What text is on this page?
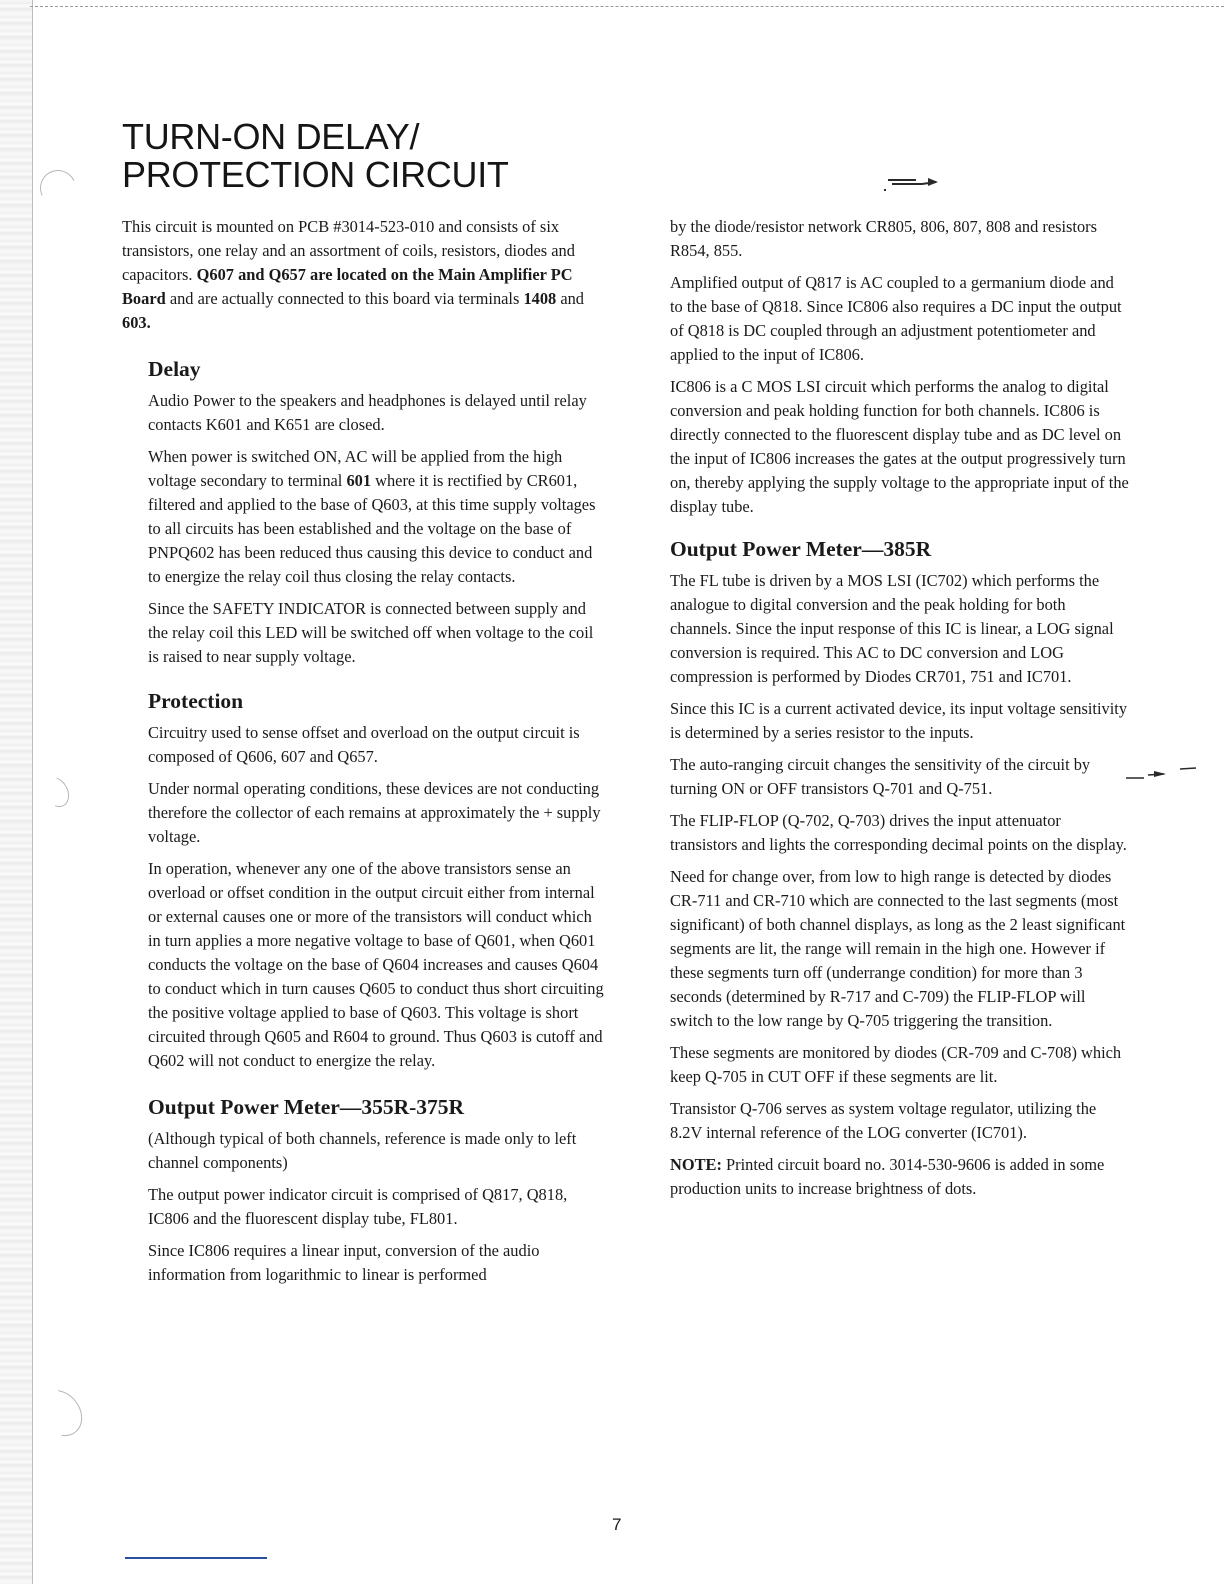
TURN-ON DELAY/
PROTECTION CIRCUIT

This circuit is mounted on PCB #3014-523-010 and consists of six transistors, one relay and an assortment of coils, resistors, diodes and capacitors. Q607 and Q657 are located on the Main Amplifier PC Board and are actually connected to this board via terminals 1408 and 603.

Delay

Audio Power to the speakers and headphones is delayed until relay contacts K601 and K651 are closed.

When power is switched ON, AC will be applied from the high voltage secondary to terminal 601 where it is rectified by CR601, filtered and applied to the base of Q603, at this time supply voltages to all circuits has been established and the voltage on the base of PNPQ602 has been reduced thus causing this device to conduct and to energize the relay coil thus closing the relay contacts.

Since the SAFETY INDICATOR is connected between supply and the relay coil this LED will be switched off when voltage to the coil is raised to near supply voltage.

Protection

Circuitry used to sense offset and overload on the output circuit is composed of Q606, 607 and Q657.

Under normal operating conditions, these devices are not conducting therefore the collector of each remains at approximately the + supply voltage.

In operation, whenever any one of the above transistors sense an overload or offset condition in the output circuit either from internal or external causes one or more of the transistors will conduct which in turn applies a more negative voltage to base of Q601, when Q601 conducts the voltage on the base of Q604 increases and causes Q604 to conduct which in turn causes Q605 to conduct thus short circuiting the positive voltage applied to base of Q603. This voltage is short circuited through Q605 and R604 to ground. Thus Q603 is cutoff and Q602 will not conduct to energize the relay.

Output Power Meter—355R-375R

(Although typical of both channels, reference is made only to left channel components)

The output power indicator circuit is comprised of Q817, Q818, IC806 and the fluorescent display tube, FL801.

Since IC806 requires a linear input, conversion of the audio information from logarithmic to linear is performed

by the diode/resistor network CR805, 806, 807, 808 and resistors R854, 855.

Amplified output of Q817 is AC coupled to a germanium diode and to the base of Q818. Since IC806 also requires a DC input the output of Q818 is DC coupled through an adjustment potentiometer and applied to the input of IC806.

IC806 is a C MOS LSI circuit which performs the analog to digital conversion and peak holding function for both channels. IC806 is directly connected to the fluorescent display tube and as DC level on the input of IC806 increases the gates at the output progressively turn on, thereby applying the supply voltage to the appropriate input of the display tube.

Output Power Meter—385R

The FL tube is driven by a MOS LSI (IC702) which performs the analogue to digital conversion and the peak holding for both channels. Since the input response of this IC is linear, a LOG signal conversion is required. This AC to DC conversion and LOG compression is performed by Diodes CR701, 751 and IC701.

Since this IC is a current activated device, its input voltage sensitivity is determined by a series resistor to the inputs.

The auto-ranging circuit changes the sensitivity of the circuit by turning ON or OFF transistors Q-701 and Q-751.

The FLIP-FLOP (Q-702, Q-703) drives the input attenuator transistors and lights the corresponding decimal points on the display.

Need for change over, from low to high range is detected by diodes CR-711 and CR-710 which are connected to the last segments (most significant) of both channel displays, as long as the 2 least significant segments are lit, the range will remain in the high one. However if these segments turn off (underrange condition) for more than 3 seconds (determined by R-717 and C-709) the FLIP-FLOP will switch to the low range by Q-705 triggering the transition.

These segments are monitored by diodes (CR-709 and C-708) which keep Q-705 in CUT OFF if these segments are lit.

Transistor Q-706 serves as system voltage regulator, utilizing the 8.2V internal reference of the LOG converter (IC701).

NOTE: Printed circuit board no. 3014-530-9606 is added in some production units to increase brightness of dots.

7
